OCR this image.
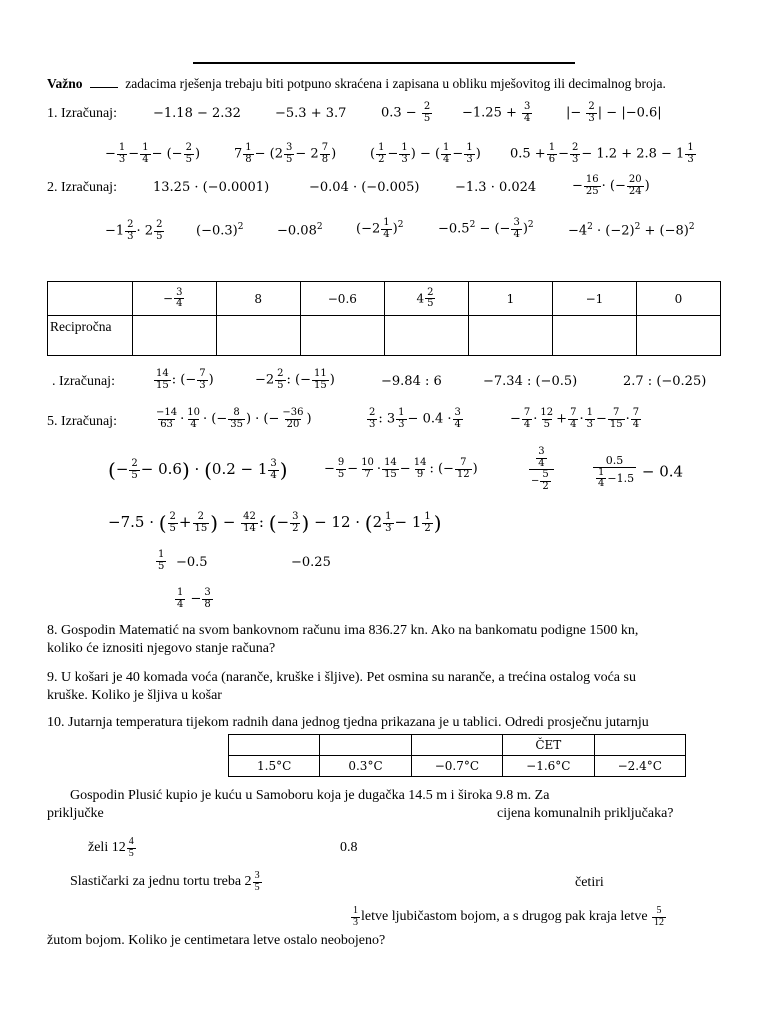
Važno	zadacima rješenja trebaju biti potpuno skraćena i zapisana u obliku mješovitog ili decimalnog broja.
1. Izračunaj:	−1.18 − 2.32	−5.3 + 3.7	$0.3 - \frac{2}{5} -1.25 + \frac{3}{4}$	|− $\frac{2}{3}$ | − |−0.6|
− $\frac{1}{3} - \frac{1}{4}$ − (− $\frac{2}{5}$ )	$7 \frac{1}{8} - (2 \frac{3}{5} - 2 \frac{7}{8}$ )	( $\frac{1}{2} - \frac{1}{3}$ ) − ( $\frac{1}{4} - \frac{1}{3}$ ) $0.5 + \frac{1}{6} - \frac{2}{3} - 1.2 + 2.8 - 1 \frac{1}{3}$
2. Izračunaj:	13.25 · (−0.0001)	−0.04 · (−0.005)	−1.3 · 0.024	− $\frac{16}{25}$ · (− $\frac{20}{24}$ )
$-1 \frac{2}{3} \cdot 2 \frac{2}{5} (-0.3)^2$	$-0.08^2$	$(-2 \frac{1}{4} )^2$	$-0.5^2$ − (− $\frac{3}{4} )^2$	$-4^2 \cdot (-2)^2 + (-8)^2$
	− $\frac{3}{4}$	8	−0.6	$4 \frac{2}{5}$	1	−1	0
Recipročna							
. Izračunaj:	$\frac{14}{15}$ : (− $\frac{7}{3}$ )	$-2 \frac{2}{5}$ : (− $\frac{11}{15}$ )	−9.84 : 6	−7.34 : (−0.5)	2.7 : (−0.25)
5. Izračunaj:	$\frac{-14}{63} \cdot \frac{10}{4}$ · (− $\frac{8}{35}$ ) · (− $\frac{-36}{20}$ )	$\frac{2}{3}$ : $3 \frac{1}{3} - 0.4 \cdot \frac{3}{4}$	− $\frac{7}{4} \cdot \frac{12}{5} + \frac{7}{4} \cdot \frac{1}{3} - \frac{7}{15} \cdot \frac{7}{4}$
(− $\frac{2}{5} - 0.6) \cdot (0.2 - 1 \frac{3}{4}$ )	− $\frac{9}{5} - \frac{10}{7} \cdot \frac{14}{15} - \frac{14}{9}$ : (− $\frac{7}{12}$ )	$\frac{\frac{3}{4}}{- \frac{5}{2}}$	$\frac{0.5}{\frac{1}{4} -1.5} - 0.4$
−7.5 · ( $\frac{2}{5} + \frac{2}{15}$ ) − $\frac{42}{14}$ : (− $\frac{3}{2}$ ) − $12 \cdot (2 \frac{1}{3} - 1 \frac{1}{2}$ )
$\frac{1}{5} -0.5$	−0.25
$\frac{1}{4} - \frac{3}{8}$
8. Gospodin Matematić na svom bankovnom računu ima 836.27 kn. Ako na bankomatu podigne 1500 kn,
koliko će iznositi njegovo stanje računa?
9. U košari je 40 komada voća (naranče, kruške i šljive). Pet osmina su naranče, a trećina ostalog voća su
kruške. Koliko je šljiva u košar
10. Jutarnja temperatura tijekom radnih dana jednog tjedna prikazana je u tablici. Odredi prosječnu jutarnju
			ČET	
1.5°C	0.3°C	−0.7°C	−1.6°C	−2.4°C
Gospodin Plusić kupio je kuću u Samoboru koja je dugačka 14.5 m i široka 9.8 m. Za
priključke	cijena komunalnih priključaka?
želi $12 \frac{4}{5}$	0.8
Slastičarki za jednu tortu treba $2 \frac{3}{5}$	četiri
$\frac{1}{3}$ letve ljubičastom bojom, a s drugog pak kraja letve $\frac{5}{12}$
žutom bojom. Koliko je centimetara letve ostalo neobojeno?
